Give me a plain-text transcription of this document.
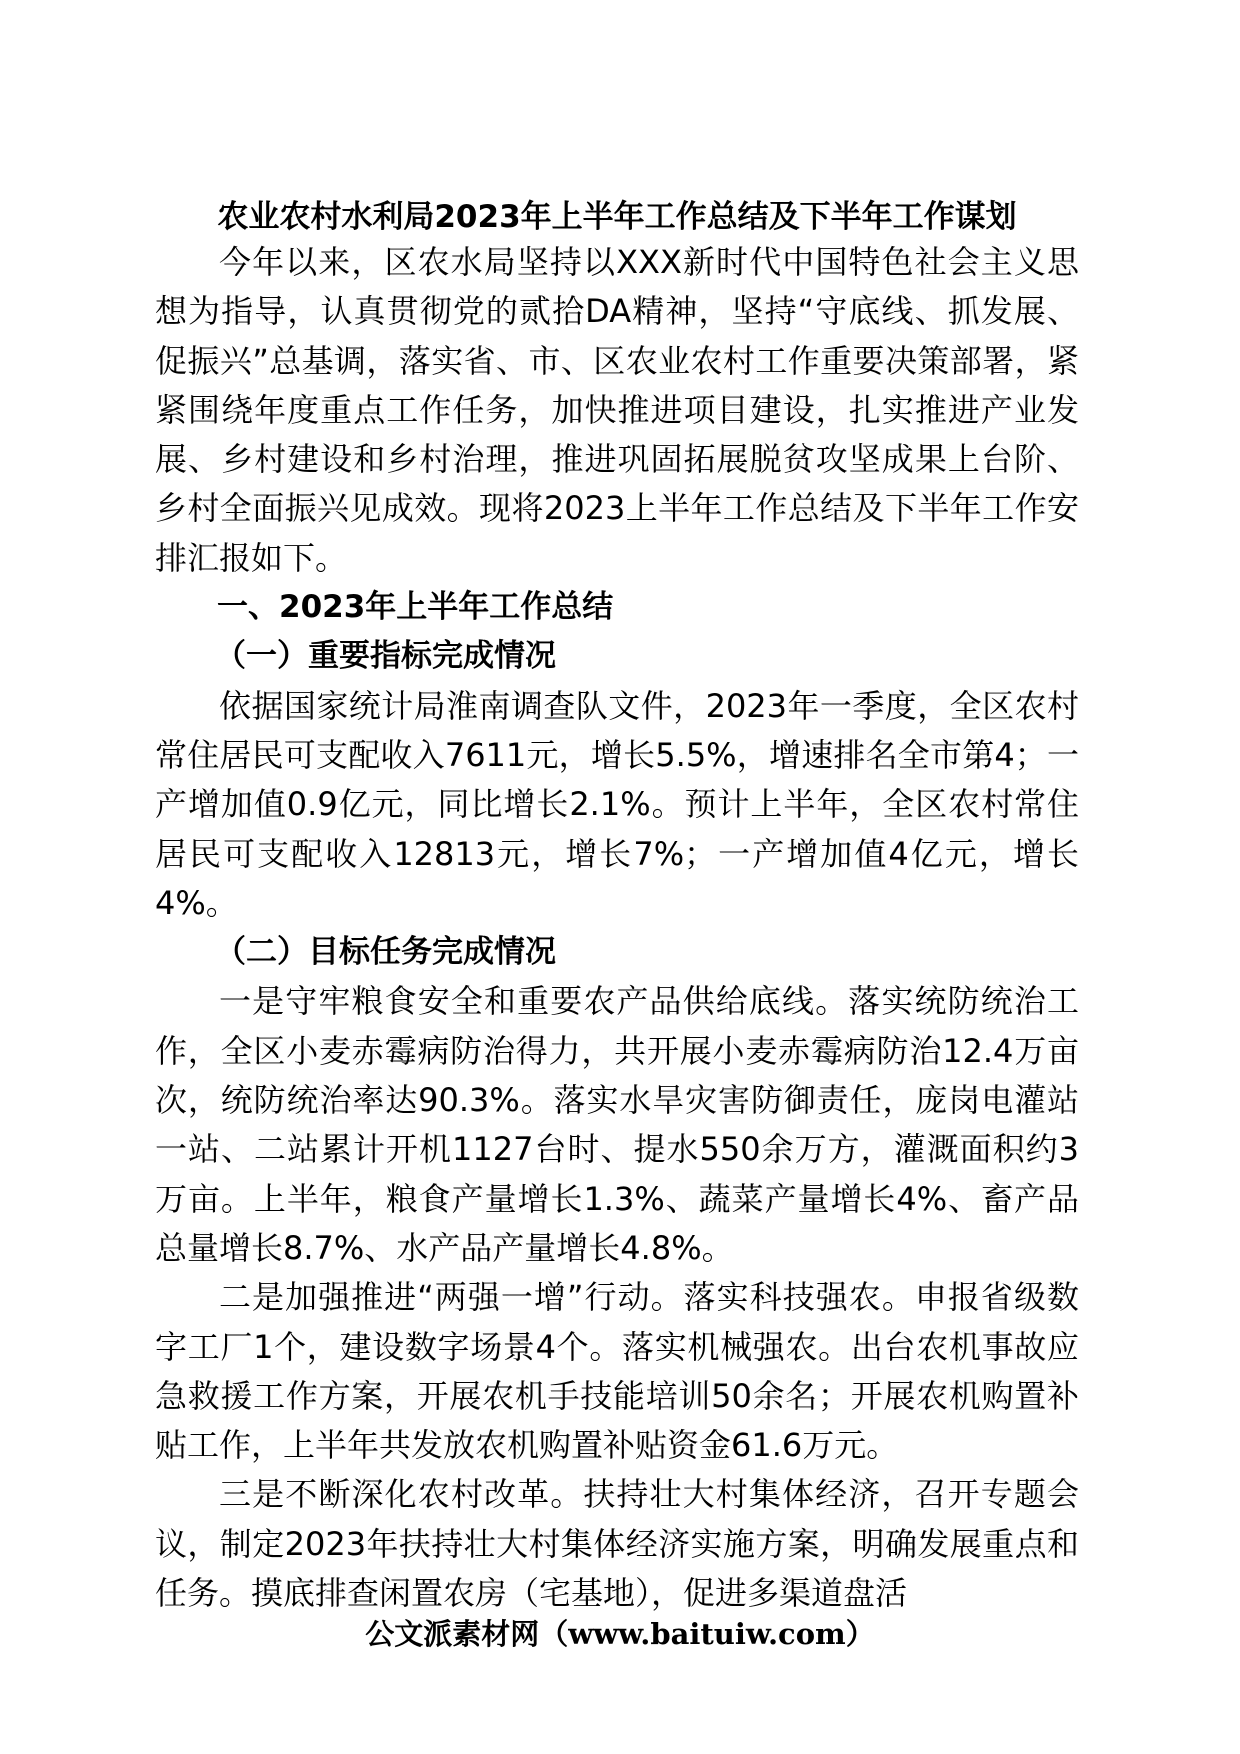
农业农村水利局2023年上半年工作总结及下半年工作谋划

今年以来，区农水局坚持以XXX新时代中国特色社会主义思想为指导，认真贯彻党的贰拾DA精神，坚持“守底线、抓发展、促振兴”总基调，落实省、市、区农业农村工作重要决策部署，紧紧围绕年度重点工作任务，加快推进项目建设，扎实推进产业发展、乡村建设和乡村治理，推进巩固拓展脱贫攻坚成果上台阶、乡村全面振兴见成效。现将2023上半年工作总结及下半年工作安排汇报如下。

一、2023年上半年工作总结
（一）重要指标完成情况

依据国家统计局淮南调查队文件，2023年一季度，全区农村常住居民可支配收入7611元，增长5.5%，增速排名全市第4；一产增加值0.9亿元，同比增长2.1%。预计上半年，全区农村常住居民可支配收入12813元，增长7%；一产增加值4亿元，增长4%。

（二）目标任务完成情况

一是守牢粮食安全和重要农产品供给底线。落实统防统治工作，全区小麦赤霉病防治得力，共开展小麦赤霉病防治12.4万亩次，统防统治率达90.3%。落实水旱灾害防御责任，庞岗电灌站一站、二站累计开机1127台时、提水550余万方，灌溉面积约3万亩。上半年，粮食产量增长1.3%、蔬菜产量增长4%、畜产品总量增长8.7%、水产品产量增长4.8%。

二是加强推进“两强一增”行动。落实科技强农。申报省级数字工厂1个，建设数字场景4个。落实机械强农。出台农机事故应急救援工作方案，开展农机手技能培训50余名；开展农机购置补贴工作，上半年共发放农机购置补贴资金61.6万元。

三是不断深化农村改革。扶持壮大村集体经济，召开专题会议，制定2023年扶持壮大村集体经济实施方案，明确发展重点和任务。摸底排查闲置农房（宅基地），促进多渠道盘活

公文派素材网（www.baituiw.com）
